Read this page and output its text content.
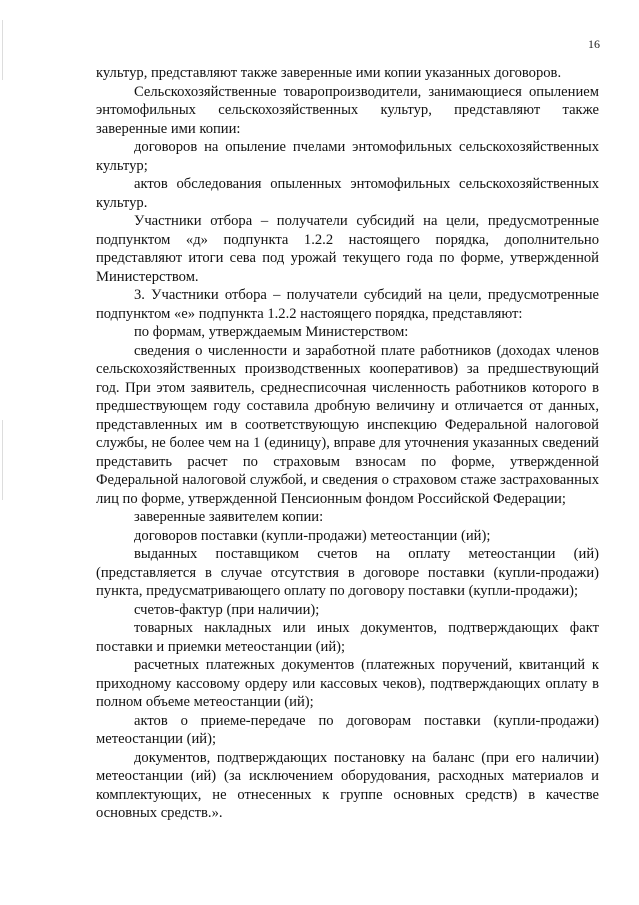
16

культур, представляют также заверенные ими копии указанных договоров.

Сельскохозяйственные товаропроизводители, занимающиеся опылением энтомофильных сельскохозяйственных культур, представляют также заверенные ими копии:

договоров на опыление пчелами энтомофильных сельскохозяйственных культур;

актов обследования опыленных энтомофильных сельскохозяйственных культур.

Участники отбора – получатели субсидий на цели, предусмотренные подпунктом «д» подпункта 1.2.2 настоящего порядка, дополнительно представляют итоги сева под урожай текущего года по форме, утвержденной Министерством.

3. Участники отбора – получатели субсидий на цели, предусмотренные подпунктом «е» подпункта 1.2.2 настоящего порядка, представляют:

по формам, утверждаемым Министерством:

сведения о численности и заработной плате работников (доходах членов сельскохозяйственных производственных кооперативов) за предшествующий год. При этом заявитель, среднесписочная численность работников которого в предшествующем году составила дробную величину и отличается от данных, представленных им в соответствующую инспекцию Федеральной налоговой службы, не более чем на 1 (единицу), вправе для уточнения указанных сведений представить расчет по страховым взносам по форме, утвержденной Федеральной налоговой службой, и сведения о страховом стаже застрахованных лиц по форме, утвержденной Пенсионным фондом Российской Федерации;

заверенные заявителем копии:

договоров поставки (купли-продажи) метеостанции (ий);

выданных поставщиком счетов на оплату метеостанции (ий) (представляется в случае отсутствия в договоре поставки (купли-продажи) пункта, предусматривающего оплату по договору поставки (купли-продажи);

счетов-фактур (при наличии);

товарных накладных или иных документов, подтверждающих факт поставки и приемки метеостанции (ий);

расчетных платежных документов (платежных поручений, квитанций к приходному кассовому ордеру или кассовых чеков), подтверждающих оплату в полном объеме метеостанции (ий);

актов о приеме-передаче по договорам поставки (купли-продажи) метеостанции (ий);

документов, подтверждающих постановку на баланс (при его наличии) метеостанции (ий) (за исключением оборудования, расходных материалов и комплектующих, не отнесенных к группе основных средств) в качестве основных средств.».
